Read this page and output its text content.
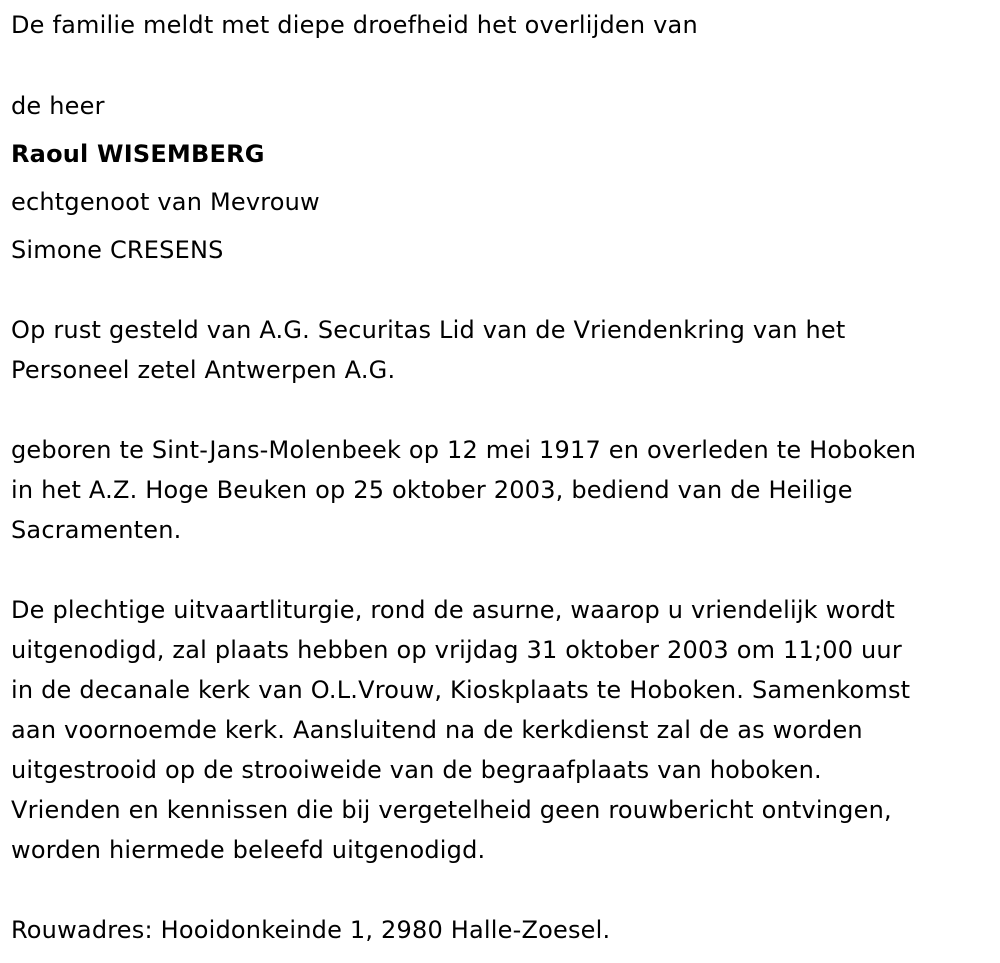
De familie meldt met diepe droefheid het overlijden van
de heer
Raoul WISEMBERG
echtgenoot van Mevrouw
Simone CRESENS
Op rust gesteld van A.G. Securitas Lid van de Vriendenkring van het
Personeel zetel Antwerpen A.G.
geboren te Sint-Jans-Molenbeek op 12 mei 1917 en overleden te Hoboken
in het A.Z. Hoge Beuken op 25 oktober 2003, bediend van de Heilige
Sacramenten.
De plechtige uitvaartliturgie, rond de asurne, waarop u vriendelijk wordt
uitgenodigd, zal plaats hebben op vrijdag 31 oktober 2003 om 11;00 uur
in de decanale kerk van O.L.Vrouw, Kioskplaats te Hoboken. Samenkomst
aan voornoemde kerk. Aansluitend na de kerkdienst zal de as worden
uitgestrooid op de strooiweide van de begraafplaats van hoboken.
Vrienden en kennissen die bij vergetelheid geen rouwbericht ontvingen,
worden hiermede beleefd uitgenodigd.
Rouwadres: Hooidonkeinde 1, 2980 Halle-Zoesel.
